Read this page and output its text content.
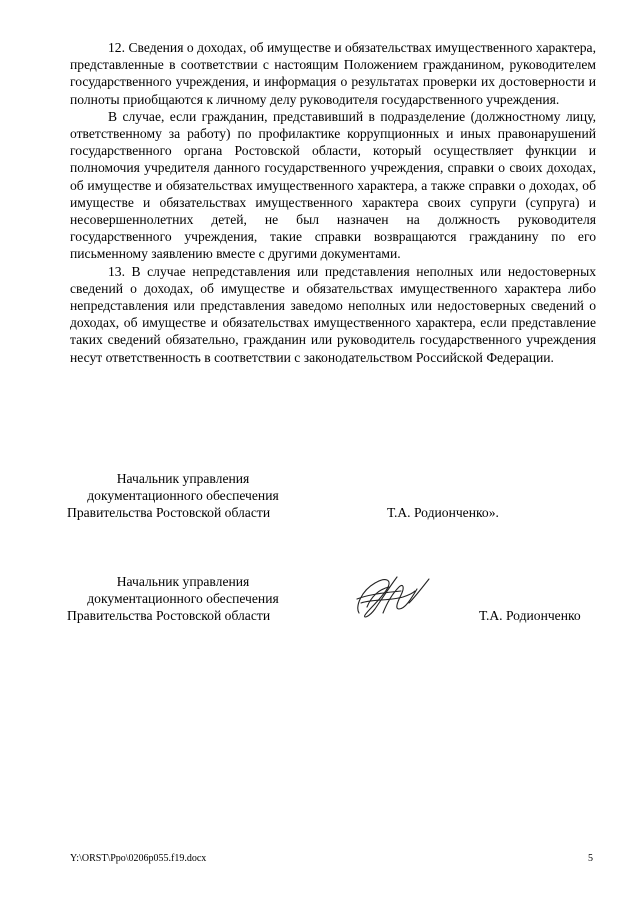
12. Сведения о доходах, об имуществе и обязательствах имущественного характера, представленные в соответствии с настоящим Положением гражданином, руководителем государственного учреждения, и информация о результатах проверки их достоверности и полноты приобщаются к личному делу руководителя государственного учреждения.

В случае, если гражданин, представивший в подразделение (должностному лицу, ответственному за работу) по профилактике коррупционных и иных правонарушений государственного органа Ростовской области, который осуществляет функции и полномочия учредителя данного государственного учреждения, справки о своих доходах, об имуществе и обязательствах имущественного характера, а также справки о доходах, об имуществе и обязательствах имущественного характера своих супруги (супруга) и несовершеннолетних детей, не был назначен на должность руководителя государственного учреждения, такие справки возвращаются гражданину по его письменному заявлению вместе с другими документами.

13. В случае непредставления или представления неполных или недостоверных сведений о доходах, об имуществе и обязательствах имущественного характера либо непредставления или представления заведомо неполных или недостоверных сведений о доходах, об имуществе и обязательствах имущественного характера, если представление таких сведений обязательно, гражданин или руководитель государственного учреждения несут ответственность в соответствии с законодательством Российской Федерации.

Начальник управления
документационного обеспечения
Правительства Ростовской области	Т.А. Родионченко».
Начальник управления
документационного обеспечения
Правительства Ростовской области	Т.А. Родионченко
Y:\ORST\Ppo\0206p055.f19.docx	5
